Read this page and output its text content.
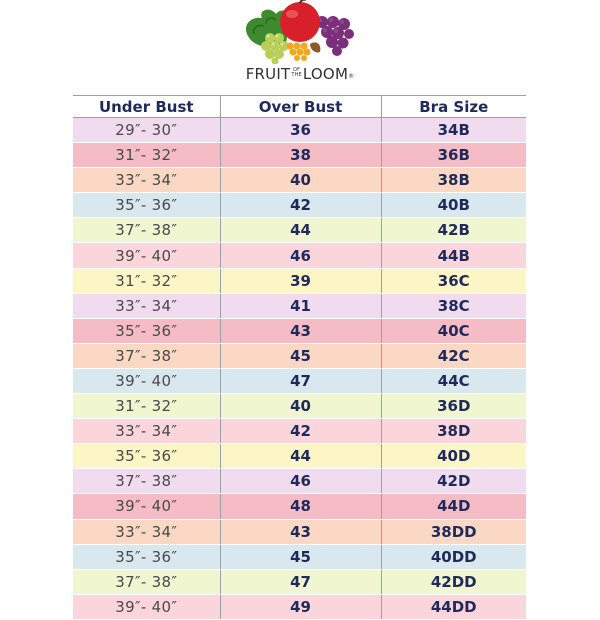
FRUIT OF
THELOOM®
Under Bust	Over Bust	Bra Size
29″- 30″	36	34B
31″- 32″	38	36B
33″- 34″	40	38B
35″- 36″	42	40B
37″- 38″	44	42B
39″- 40″	46	44B
31″- 32″	39	36C
33″- 34″	41	38C
35″- 36″	43	40C
37″- 38″	45	42C
39″- 40″	47	44C
31″- 32″	40	36D
33″- 34″	42	38D
35″- 36″	44	40D
37″- 38″	46	42D
39″- 40″	48	44D
33″- 34″	43	38DD
35″- 36″	45	40DD
37″- 38″	47	42DD
39″- 40″	49	44DD
